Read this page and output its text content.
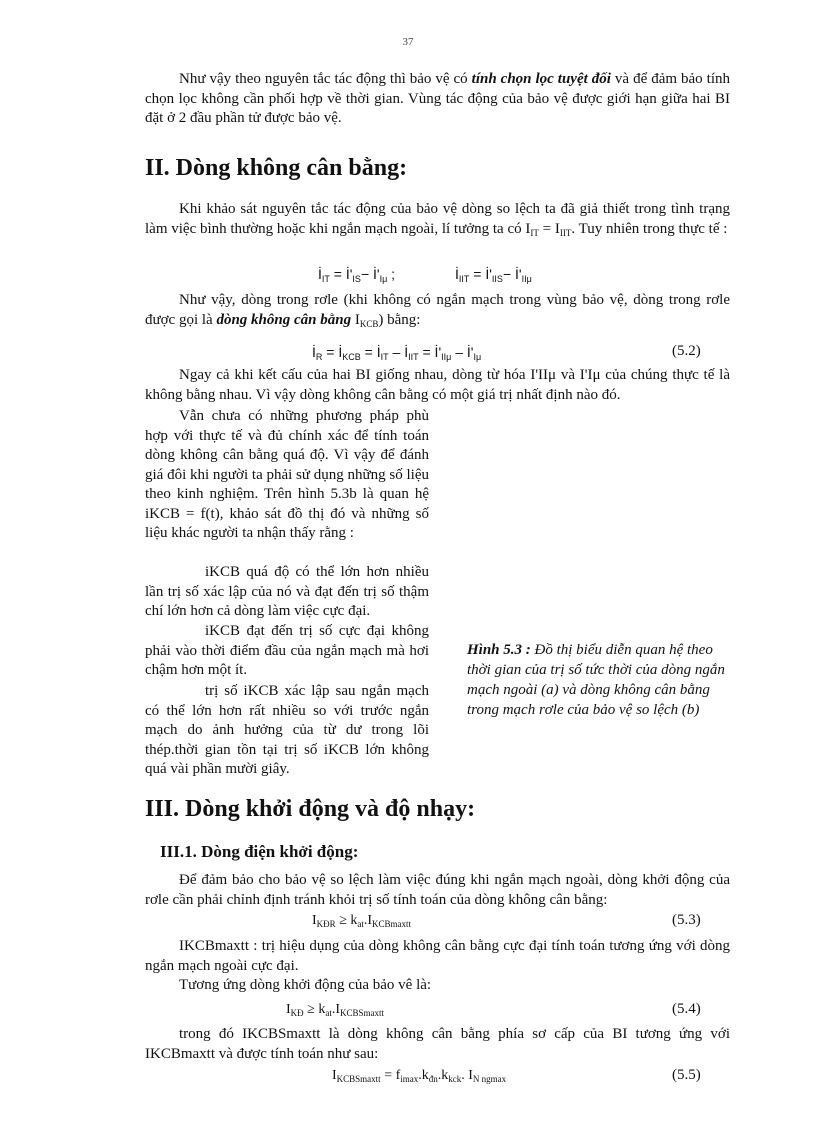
37

Như vậy theo nguyên tắc tác động thì bảo vệ có tính chọn lọc tuyệt đối và để đảm bảo tính chọn lọc không cần phối hợp về thời gian. Vùng tác động của bảo vệ được giới hạn giữa hai BI đặt ở 2 đầu phần tử được bảo vệ.

II. Dòng không cân bằng:

Khi khảo sát nguyên tắc tác động của bảo vệ dòng so lệch ta đã giả thiết trong tình trạng làm việc bình thường hoặc khi ngắn mạch ngoài, lí tưởng ta có $I_{IT} = I_{IIT}$. Tuy nhiên trong thực tế :

$İ_{IT}$ = $İ'_{IS}-$ $İ'_{I\mu}$ ;	$İ_{IIT}$ = $İ'_{IIS}-$ $İ'_{II\mu}$

Như vậy, dòng trong rơle (khi không có ngắn mạch trong vùng bảo vệ, dòng trong rơle được gọi là dòng không cân bằng $I_{KCB}$) bằng:

$İ_R$ = $İ_{KCB}$ = $İ_{IT}$ – $İ_{IIT}$ = $İ'_{II\mu}$ – $İ'_{I\mu}$	(5.2)

Ngay cả khi kết cấu của hai BI giống nhau, dòng từ hóa I'IIμ và I'Iμ của chúng thực tế là không bằng nhau. Vì vậy dòng không cân bằng có một giá trị nhất định nào đó.

Vẫn chưa có những phương pháp phù hợp với thực tế và đủ chính xác để tính toán dòng không cân bằng quá độ. Vì vậy để đánh giá đôi khi người ta phải sử dụng những số liệu theo kinh nghiệm. Trên hình 5.3b là quan hệ iKCB = f(t), khảo sát đồ thị đó và những số liệu khác người ta nhận thấy rằng :

iKCB quá độ có thể lớn hơn nhiều lần trị số xác lập của nó và đạt đến trị số thậm chí lớn hơn cả dòng làm việc cực đại.

iKCB đạt đến trị số cực đại không phải vào thời điểm đầu của ngắn mạch mà hơi chậm hơn một ít.

trị số iKCB xác lập sau ngắn mạch có thể lớn hơn rất nhiều so với trước ngắn mạch do ảnh hưởng của từ dư trong lõi thép.thời gian tồn tại trị số iKCB lớn không quá vài phần mười giây.

Hình 5.3 : Đồ thị biểu diễn quan hệ theo thời gian của trị số tức thời của dòng ngắn mạch ngoài (a) và dòng không cân bằng trong mạch rơle của bảo vệ so lệch (b)

III. Dòng khởi động và độ nhạy:
III.1. Dòng điện khởi động:

Để đảm bảo cho bảo vệ so lệch làm việc đúng khi ngắn mạch ngoài, dòng khởi động của rơle cần phải chỉnh định tránh khỏi trị số tính toán của dòng không cân bằng:

$I_{KĐR} \ge k_{at}.I_{KCBmaxtt}$	(5.3)

IKCBmaxtt : trị hiệu dụng của dòng không cân bằng cực đại tính toán tương ứng với dòng ngắn mạch ngoài cực đại.

Tương ứng dòng khởi động của bảo vê là:

$I_{KĐ} \ge k_{at}.I_{KCBSmaxtt}$	(5.4)

trong đó IKCBSmaxtt là dòng không cân bằng phía sơ cấp của BI tương ứng với IKCBmaxtt và được tính toán như sau:

$I_{KCBSmaxtt} = f_{imax}.k_{đn}.k_{kck}$. $I_{N ngmax}$	(5.5)
